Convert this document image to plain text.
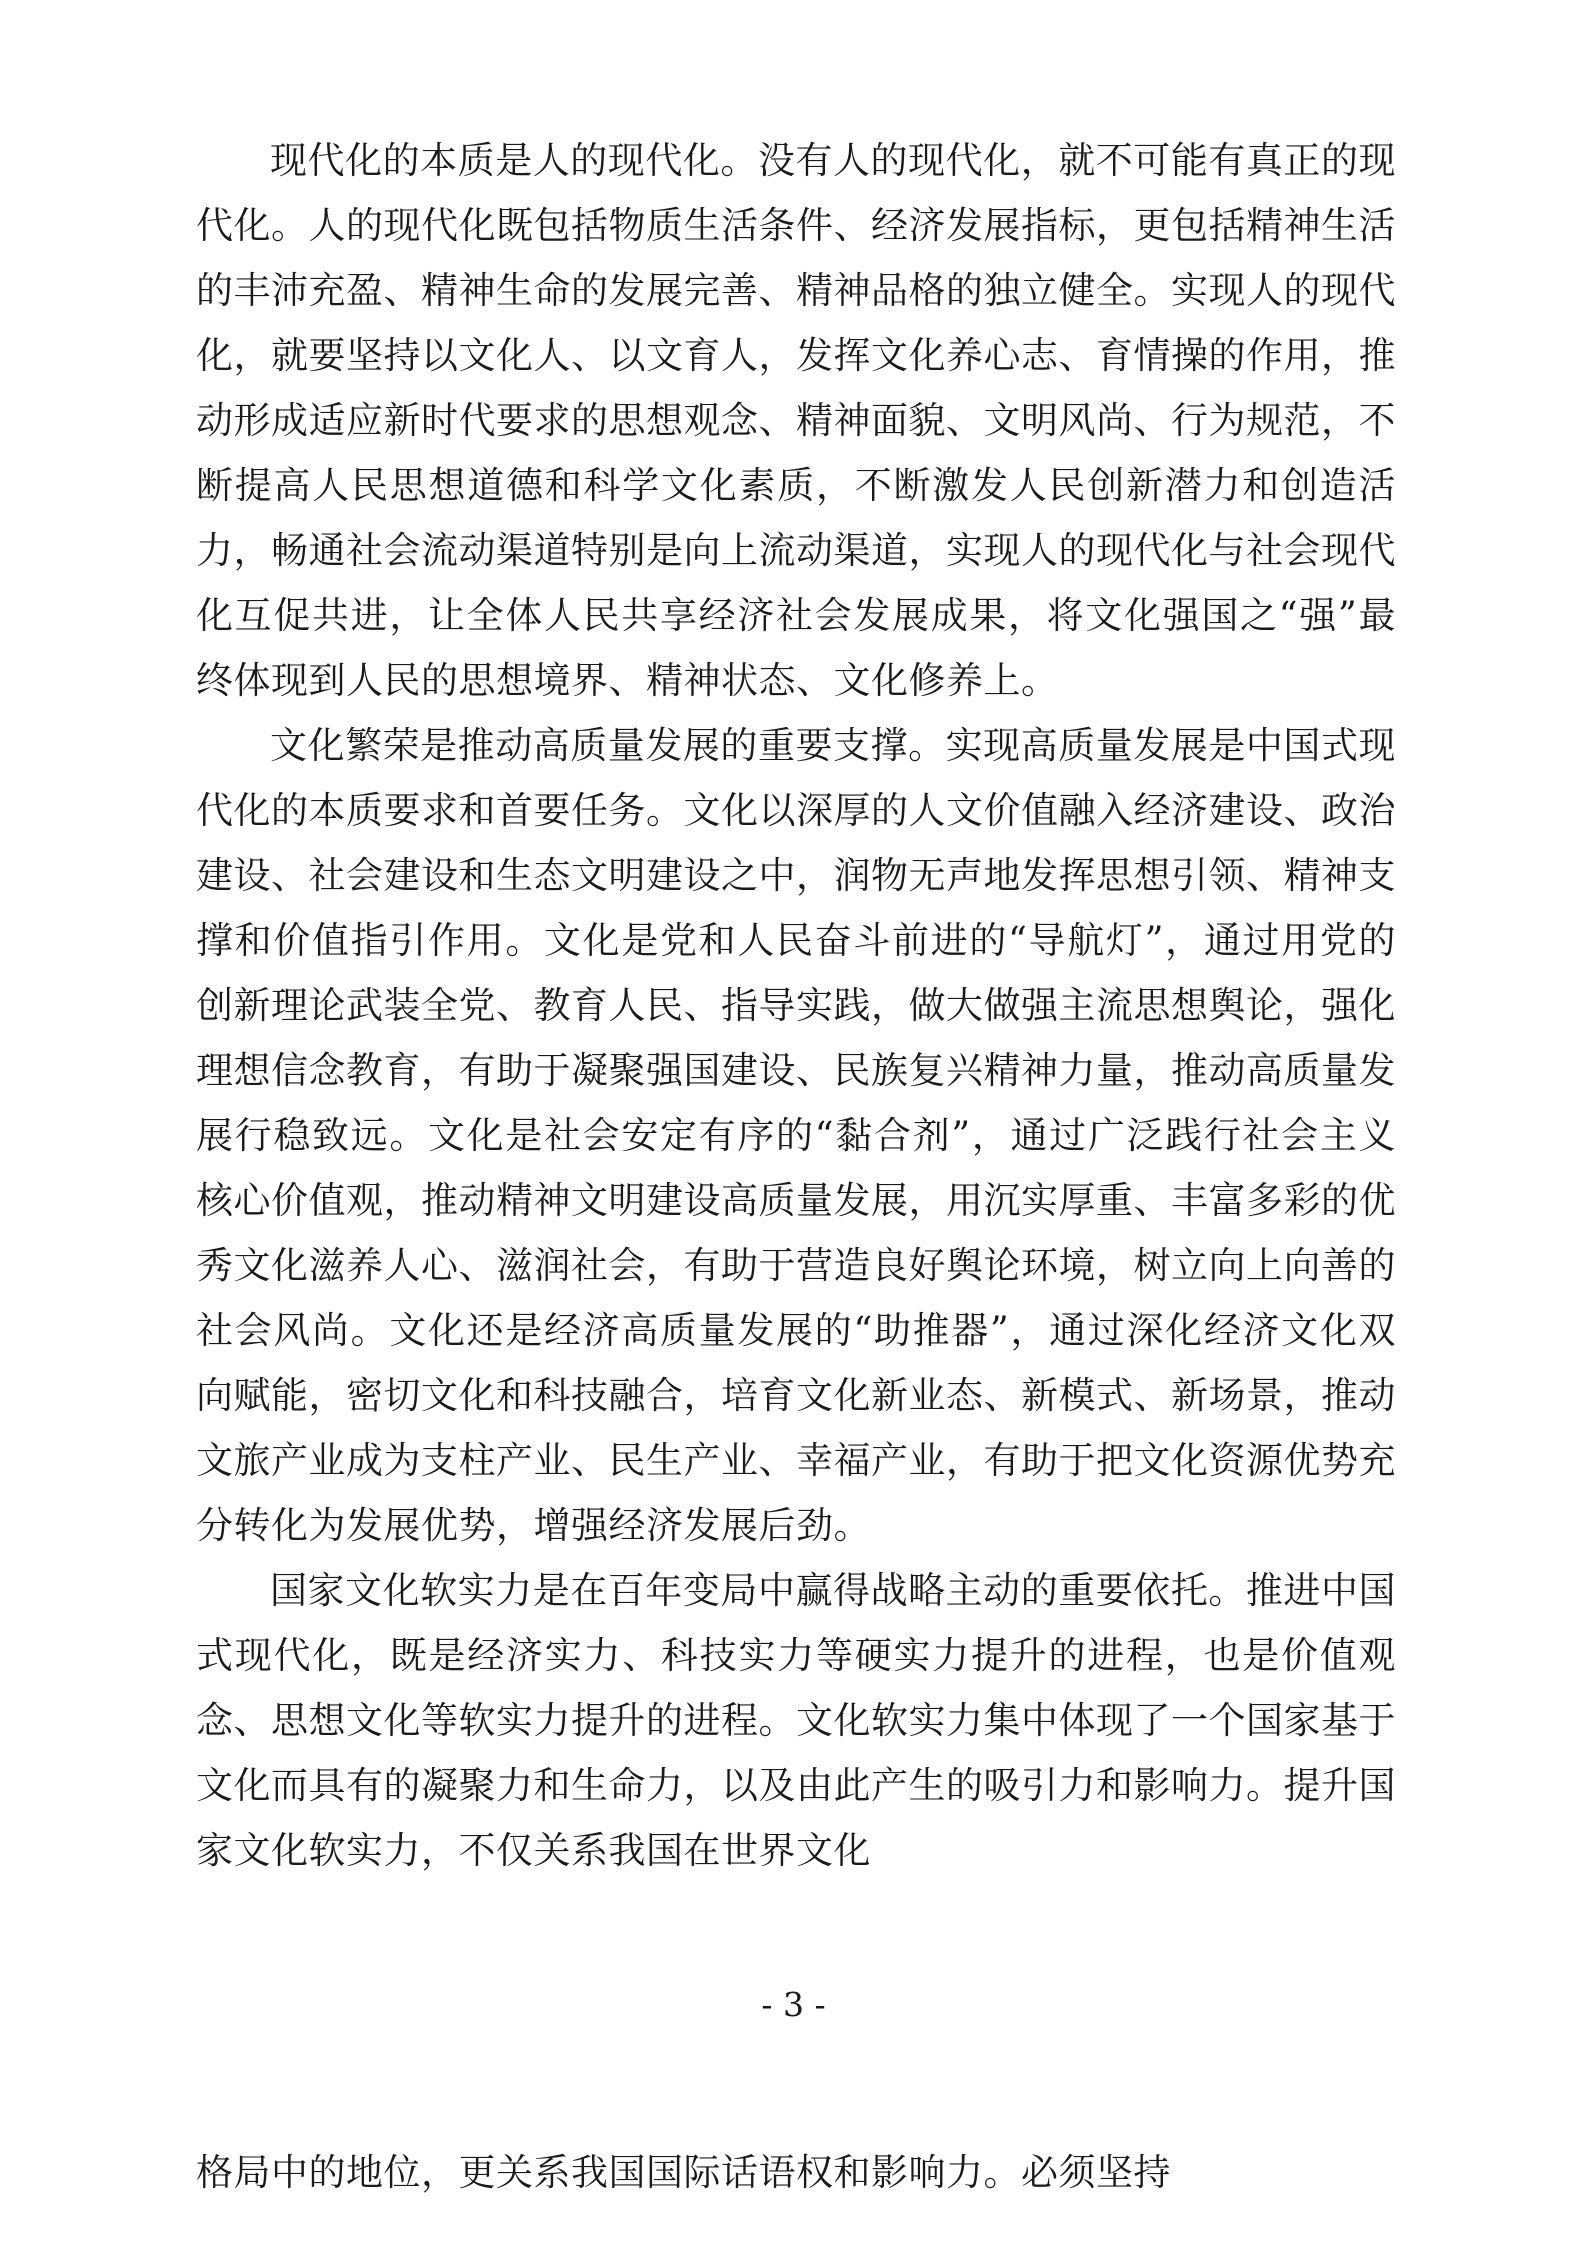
现代化的本质是人的现代化。没有人的现代化，就不可能有真正的现代化。人的现代化既包括物质生活条件、经济发展指标，更包括精神生活的丰沛充盈、精神生命的发展完善、精神品格的独立健全。实现人的现代化，就要坚持以文化人、以文育人，发挥文化养心志、育情操的作用，推动形成适应新时代要求的思想观念、精神面貌、文明风尚、行为规范，不断提高人民思想道德和科学文化素质，不断激发人民创新潜力和创造活力，畅通社会流动渠道特别是向上流动渠道，实现人的现代化与社会现代化互促共进，让全体人民共享经济社会发展成果，将文化强国之“强”最终体现到人民的思想境界、精神状态、文化修养上。

文化繁荣是推动高质量发展的重要支撑。实现高质量发展是中国式现代化的本质要求和首要任务。文化以深厚的人文价值融入经济建设、政治建设、社会建设和生态文明建设之中，润物无声地发挥思想引领、精神支撑和价值指引作用。文化是党和人民奋斗前进的“导航灯”，通过用党的创新理论武装全党、教育人民、指导实践，做大做强主流思想舆论，强化理想信念教育，有助于凝聚强国建设、民族复兴精神力量，推动高质量发展行稳致远。文化是社会安定有序的“黏合剂”，通过广泛践行社会主义核心价值观，推动精神文明建设高质量发展，用沉实厚重、丰富多彩的优秀文化滋养人心、滋润社会，有助于营造良好舆论环境，树立向上向善的社会风尚。文化还是经济高质量发展的“助推器”，通过深化经济文化双向赋能，密切文化和科技融合，培育文化新业态、新模式、新场景，推动文旅产业成为支柱产业、民生产业、幸福产业，有助于把文化资源优势充分转化为发展优势，增强经济发展后劲。

国家文化软实力是在百年变局中赢得战略主动的重要依托。推进中国式现代化，既是经济实力、科技实力等硬实力提升的进程，也是价值观念、思想文化等软实力提升的进程。文化软实力集中体现了一个国家基于文化而具有的凝聚力和生命力，以及由此产生的吸引力和影响力。提升国家文化软实力，不仅关系我国在世界文化

- 3 -

格局中的地位，更关系我国国际话语权和影响力。必须坚持
